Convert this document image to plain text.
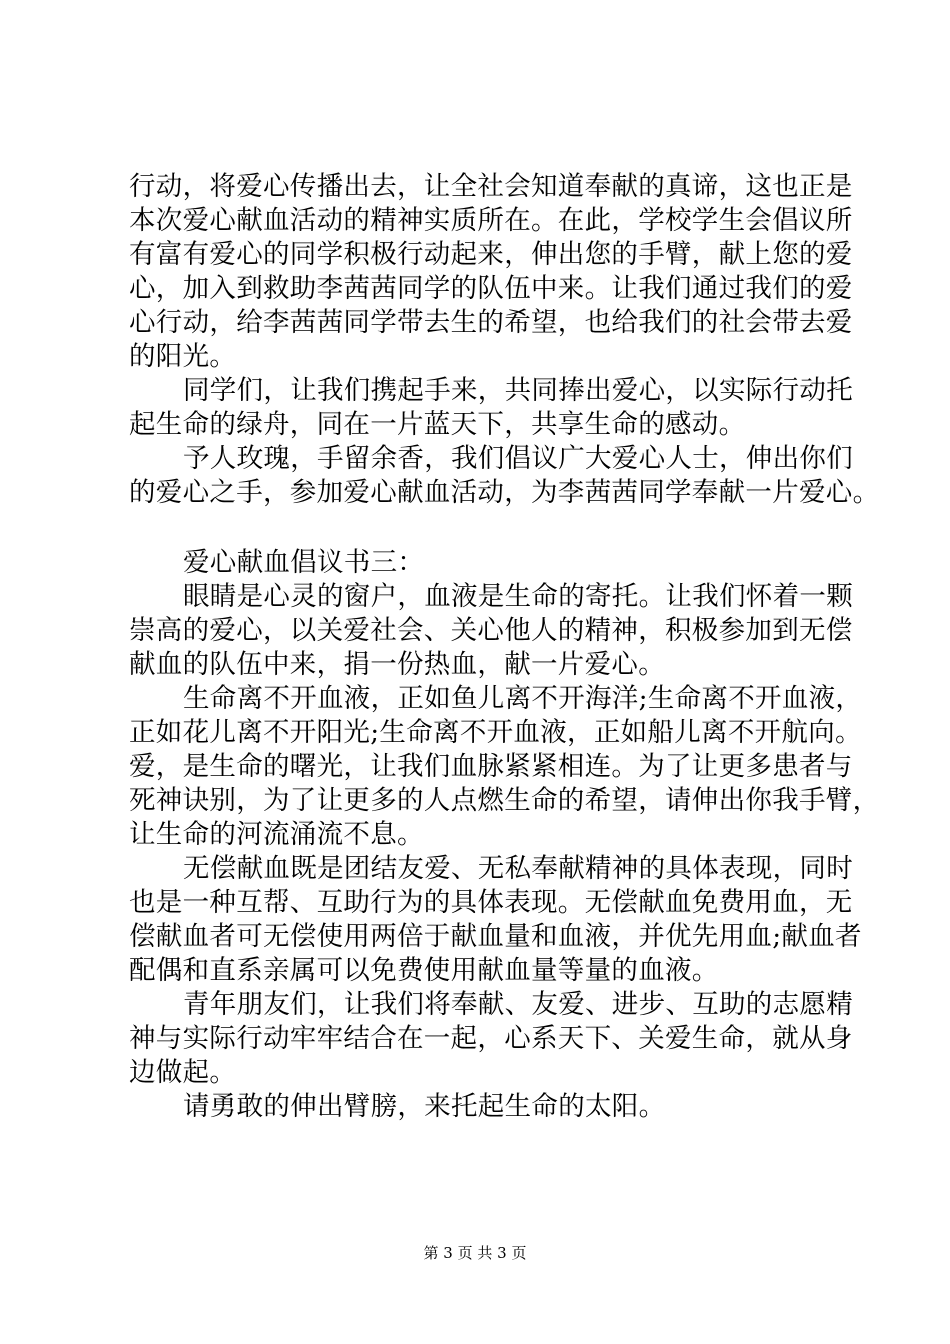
行动，将爱心传播出去，让全社会知道奉献的真谛，这也正是
本次爱心献血活动的精神实质所在。在此，学校学生会倡议所
有富有爱心的同学积极行动起来，伸出您的手臂，献上您的爱
心，加入到救助李茜茜同学的队伍中来。让我们通过我们的爱
心行动，给李茜茜同学带去生的希望，也给我们的社会带去爱
的阳光。
同学们，让我们携起手来，共同捧出爱心，以实际行动托
起生命的绿舟，同在一片蓝天下，共享生命的感动。
予人玫瑰，手留余香，我们倡议广大爱心人士，伸出你们
的爱心之手，参加爱心献血活动，为李茜茜同学奉献一片爱心。
爱心献血倡议书三：
眼睛是心灵的窗户，血液是生命的寄托。让我们怀着一颗
崇高的爱心，以关爱社会、关心他人的精神，积极参加到无偿
献血的队伍中来，捐一份热血，献一片爱心。
生命离不开血液，正如鱼儿离不开海洋;生命离不开血液，
正如花儿离不开阳光;生命离不开血液，正如船儿离不开航向。
爱，是生命的曙光，让我们血脉紧紧相连。为了让更多患者与
死神诀别，为了让更多的人点燃生命的希望，请伸出你我手臂，
让生命的河流涌流不息。
无偿献血既是团结友爱、无私奉献精神的具体表现，同时
也是一种互帮、互助行为的具体表现。无偿献血免费用血，无
偿献血者可无偿使用两倍于献血量和血液，并优先用血;献血者
配偶和直系亲属可以免费使用献血量等量的血液。
青年朋友们，让我们将奉献、友爱、进步、互助的志愿精
神与实际行动牢牢结合在一起，心系天下、关爱生命，就从身
边做起。
请勇敢的伸出臂膀，来托起生命的太阳。
第 3 页 共 3 页
